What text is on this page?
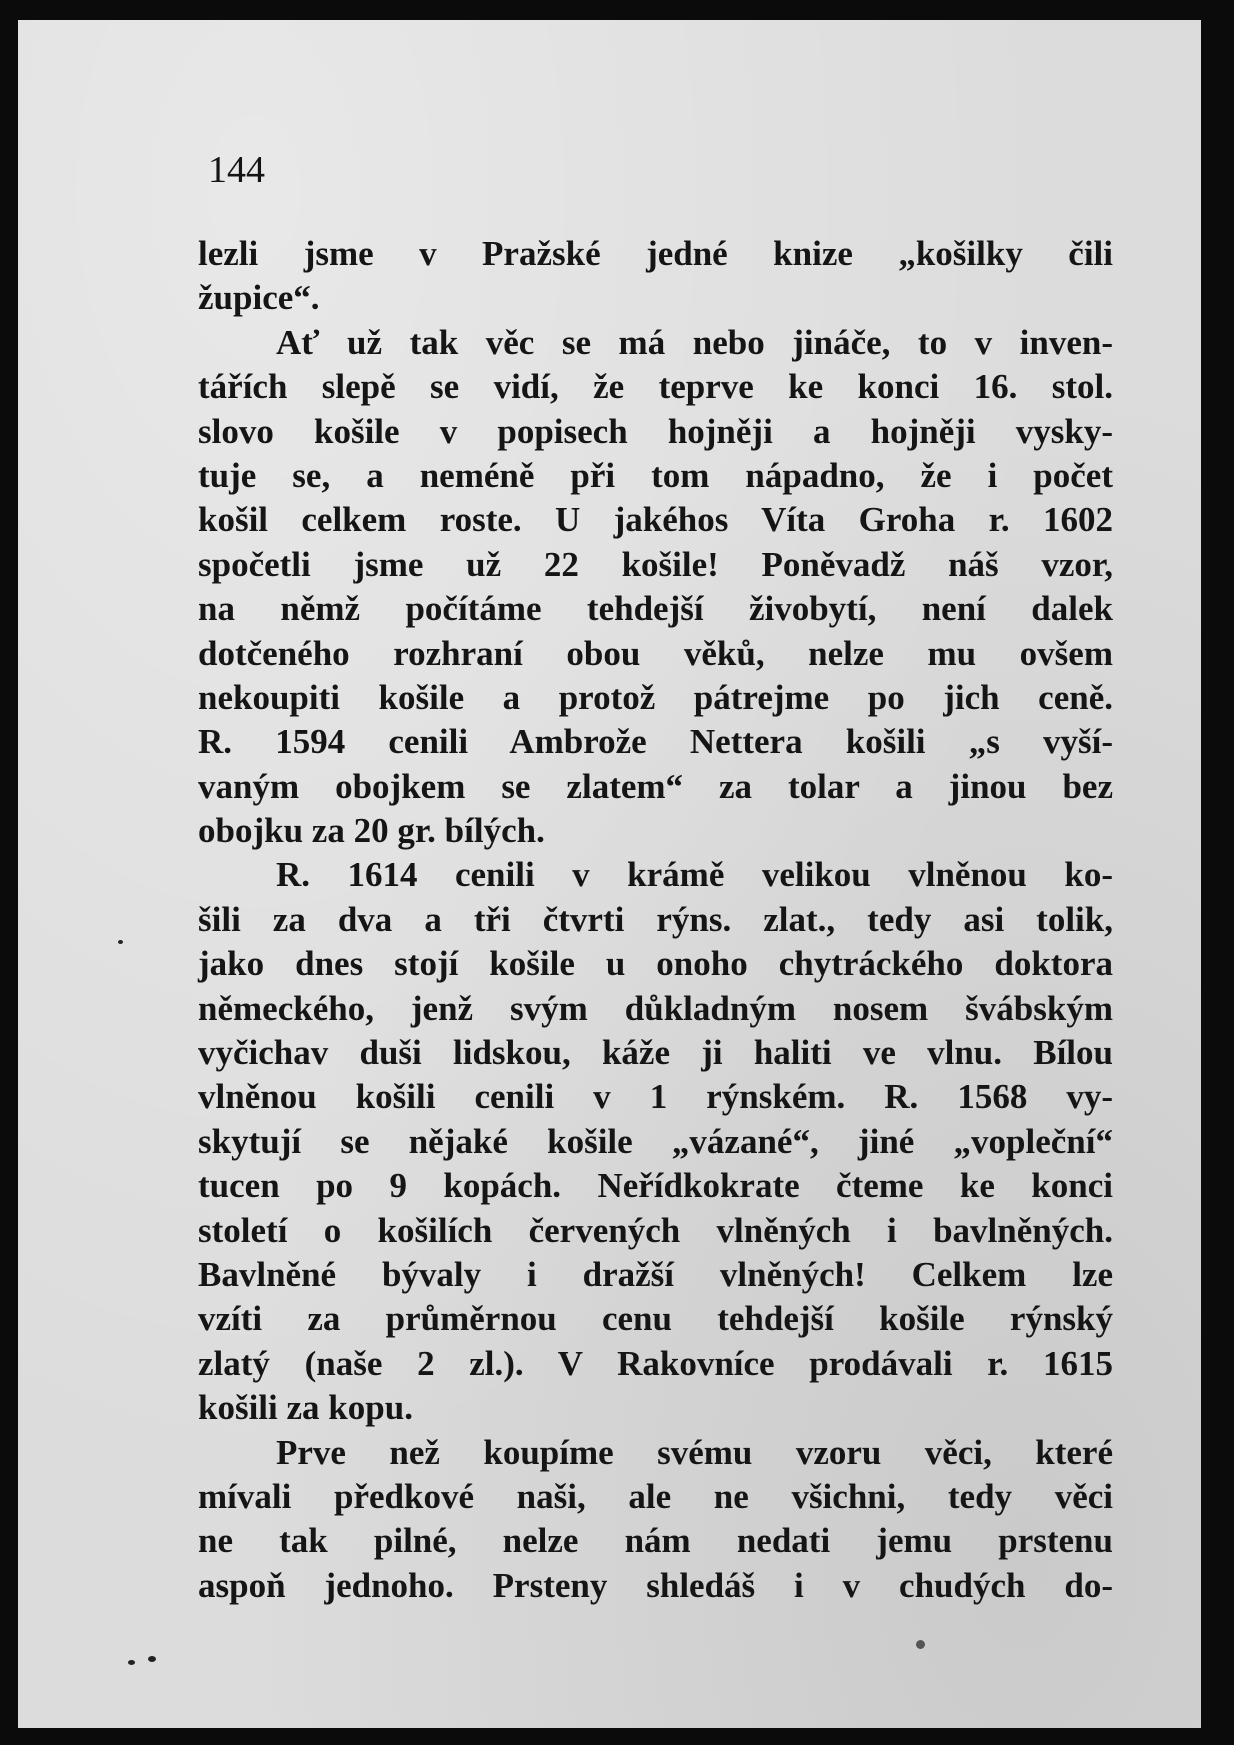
144
lezli jsme v Pražské jedné knize „košilky čili
župice“.
Ať už tak věc se má nebo jináče, to v inven-
tářích slepě se vidí, že teprve ke konci 16. stol.
slovo košile v popisech hojněji a hojněji vysky-
tuje se, a neméně při tom nápadno, že i počet
košil celkem roste. U jakéhos Víta Groha r. 1602
spočetli jsme už 22 košile! Poněvadž náš vzor,
na němž počítáme tehdejší živobytí, není dalek
dotčeného rozhraní obou věků, nelze mu ovšem
nekoupiti košile a protož pátrejme po jich ceně.
R. 1594 cenili Ambrože Nettera košili „s vyší-
vaným obojkem se zlatem“ za tolar a jinou bez
obojku za 20 gr. bílých.
R. 1614 cenili v krámě velikou vlněnou ko-
šili za dva a tři čtvrti rýns. zlat., tedy asi tolik,
jako dnes stojí košile u onoho chytráckého doktora
německého, jenž svým důkladným nosem švábským
vyčichav duši lidskou, káže ji haliti ve vlnu. Bílou
vlněnou košili cenili v 1 rýnském. R. 1568 vy-
skytují se nějaké košile „vázané“, jiné „vopleční“
tucen po 9 kopách. Neřídkokrate čteme ke konci
století o košilích červených vlněných i bavlněných.
Bavlněné bývaly i dražší vlněných! Celkem lze
vzíti za průměrnou cenu tehdejší košile rýnský
zlatý (naše 2 zl.). V Rakovníce prodávali r. 1615
košili za kopu.
Prve než koupíme svému vzoru věci, které
mívali předkové naši, ale ne všichni, tedy věci
ne tak pilné, nelze nám nedati jemu prstenu
aspoň jednoho. Prsteny shledáš i v chudých do-
